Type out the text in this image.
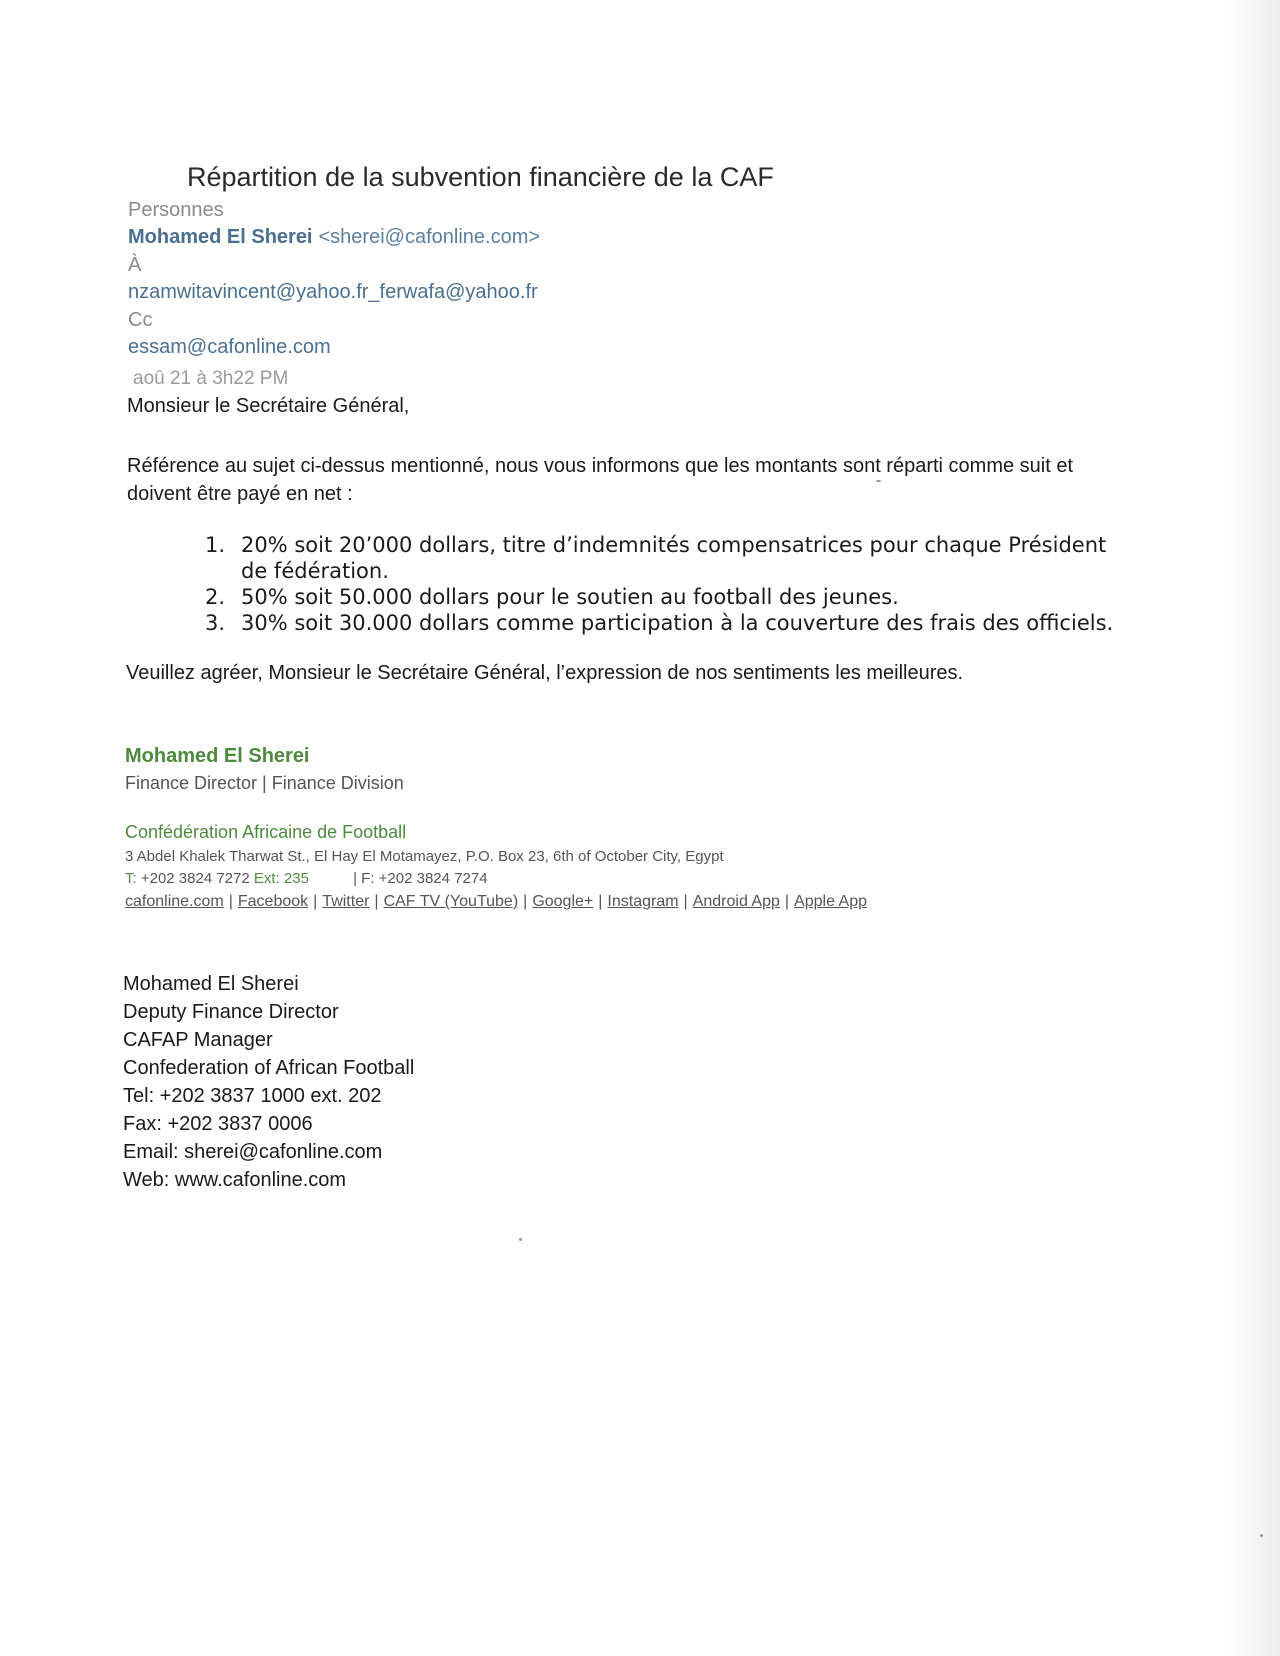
Répartition de la subvention financière de la CAF
Personnes
Mohamed El Sherei <sherei@cafonline.com>
À
nzamwitavincent@yahoo.fr_ferwafa@yahoo.fr
Cc
essam@cafonline.com
aoû 21 à 3h22 PM
Monsieur le Secrétaire Général,
Référence au sujet ci-dessus mentionné, nous vous informons que les montants sont réparti comme suit et doivent être payé en net :
1. 20% soit 20’000 dollars, titre d’indemnités compensatrices pour chaque Président de fédération.
2. 50% soit 50.000 dollars pour le soutien au football des jeunes.
3. 30% soit 30.000 dollars comme participation à la couverture des frais des officiels.
Veuillez agréer, Monsieur le Secrétaire Général, l’expression de nos sentiments les meilleures.
Mohamed El Sherei
Finance Director | Finance Division
Confédération Africaine de Football
3 Abdel Khalek Tharwat St., El Hay El Motamayez, P.O. Box 23, 6th of October City, Egypt
T: +202 3824 7272 Ext: 235	| F: +202 3824 7274
cafonline.com | Facebook | Twitter | CAF TV (YouTube) | Google+ | Instagram | Android App | Apple App
Mohamed El Sherei
Deputy Finance Director
CAFAP Manager
Confederation of African Football
Tel: +202 3837 1000 ext. 202
Fax: +202 3837 0006
Email: sherei@cafonline.com
Web: www.cafonline.com
